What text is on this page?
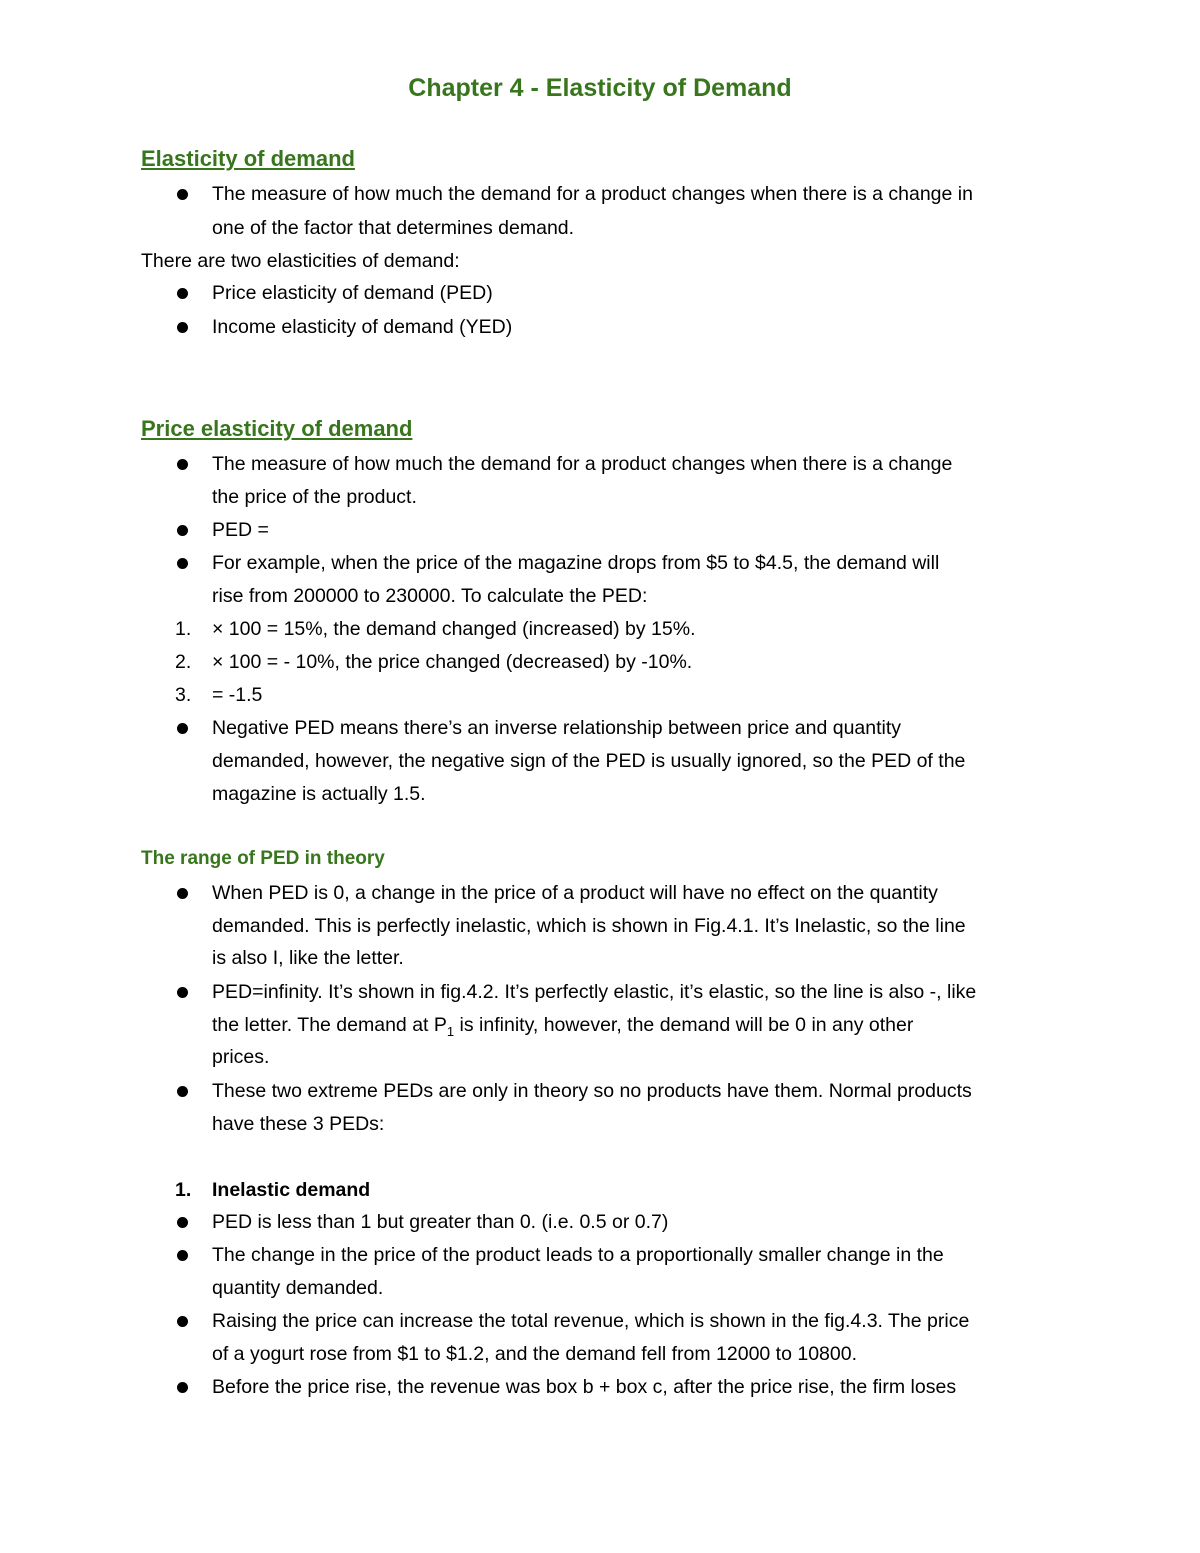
Chapter 4 - Elasticity of Demand
Elasticity of demand

The measure of how much the demand for a product changes when there is a change in

one of the factor that determines demand.

There are two elasticities of demand:

Price elasticity of demand (PED)

Income elasticity of demand (YED)

Price elasticity of demand

The measure of how much the demand for a product changes when there is a change

the price of the product.

PED =

For example, when the price of the magazine drops from $5 to $4.5, the demand will

rise from 200000 to 230000. To calculate the PED:

1. × 100 = 15%, the demand changed (increased) by 15%.

2. × 100 = - 10%, the price changed (decreased) by -10%.

3. = -1.5

Negative PED means there’s an inverse relationship between price and quantity

demanded, however, the negative sign of the PED is usually ignored, so the PED of the

magazine is actually 1.5.

The range of PED in theory

When PED is 0, a change in the price of a product will have no effect on the quantity

demanded. This is perfectly inelastic, which is shown in Fig.4.1. It’s Inelastic, so the line

is also I, like the letter.

PED=infinity. It’s shown in fig.4.2. It’s perfectly elastic, it’s elastic, so the line is also -, like

the letter. The demand at $P_1$ is infinity, however, the demand will be 0 in any other

prices.

These two extreme PEDs are only in theory so no products have them. Normal products

have these 3 PEDs:

1. Inelastic demand

PED is less than 1 but greater than 0. (i.e. 0.5 or 0.7)

The change in the price of the product leads to a proportionally smaller change in the

quantity demanded.

Raising the price can increase the total revenue, which is shown in the fig.4.3. The price

of a yogurt rose from $1 to $1.2, and the demand fell from 12000 to 10800.

Before the price rise, the revenue was box b + box c, after the price rise, the firm loses
